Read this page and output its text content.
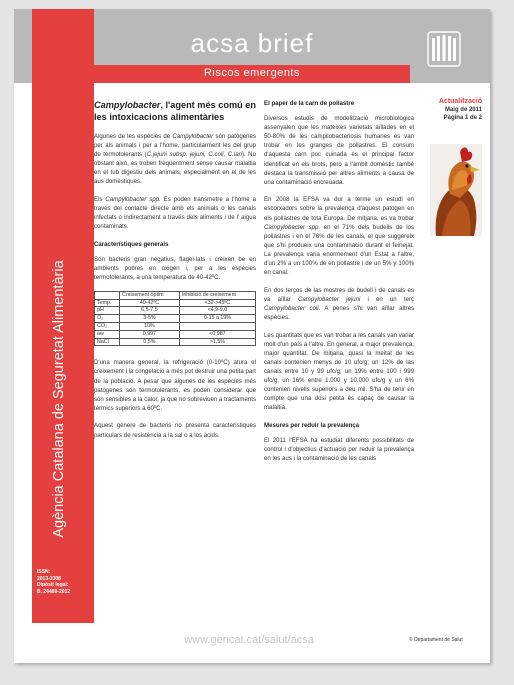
acsa brief
Riscos emergents
Agència Catalana de Seguretat Alimentària
ISSN:
2013-3308
Dipòsit legal:
B. 24489-2012
Campylobacter, l'agent més comú en les intoxicacions alimentàries

Algunes de les espècies de Campylobacter són patògenes per als animals i per a l'home, particularment les del grup de termotolerants (C.jejuni subsp. jejuni, C.coli, C.lari). No obstant això, es troben freqüentment sense causar malaltia en el tub digestiu dels animals, especialment en el de les aus domèstiques.

Els Campylobacter spp. Es poden transmetre a l'home a través del contacte directe amb els animals o les canals infectats o indirectament a través dels aliments i de l' aigua contaminats.

Característiques generals

Són bacteris gran negatius, flagel·lats i creixen be en ambients pobres en oxigen i, per a les espècies termotolerants, a una temperatura de 40-42ºC.

	Creixement òptim	Inhibició de creixement
Temp.	40-42ºC	<32->45ºC
pH	6,5-7,5	<4,9-9,0
O₂	3-5%	0-15 a 19%
CO₂	10%	
aw	0,997	<0,987
NaCl	0,5%	>1,5%

D'una manera general, la refrigeració (0-10ºC) atura el creixement i la congelació a més pot destruir una petita part de la població. A pesar que algunes de les espècies més patògenes són termotolerants, es poden considerar que són sensibles a la calor, ja que no sobreviuen a tractaments tèrmics superiors a 60ºC.

Aquest gènere de bacteris no presenta característiques particulars de resistència a la sal o a los àcids.

El paper de la carn de pollastre

Diversos estudis de modelització microbiològica assenyalen que les mateixes varietats aïllades en el 50-80% de les campilobacteriosis humanes es van trobar en les granges de pollastres. El consum d'aquesta carn poc cuinada és el principal factor identificat en els brots, però a l'àmbit domèstic també destaca la transmissió per altres aliments a causa de una contaminació encreuada.

En 2008 la EFSA va dur a terme un estudi en escorxadors sobre la prevalença d'aquest patogen en els pollastres de tota Europa. De mitjana, es va trobar Campylobacter spp. en el 71% dels budells de los pollastres i en el 76% de les canals, el que suggereix que s'hi produeix una contaminació durant el feinejat. La prevalença varia enormement d'un Estat a l'altre, d'un 2% a un 100% de en pollastre i de un 5% y 100% en canal.

En dos terços de las mostres de budell i de canals es va aïllar Campylobacter jejuni i en un terç Campylobacter coli. A penes s'hi van aïllar altres espècies.

Les quantitats que es van trobar a les canals van variar molt d'un país a l'altre. En general, a major prevalença, major quantitat. De mitjana, quasi la meitat de les canals contenien menys de 10 ufc/g; un 12% de las canals entre 10 y 99 ufc/g; un 19% entre 100 i 999 ufc/g; un 16% entre 1.000 y 10.000 ufc/g y un 6% contenien nivells superiors a deu mil. S'ha de tenir en compte que una dosi petita és capaç de causar la malaltia.

Mesures per reduir la prevalença

El 2011 l'EFSA ha estudiat diferents possibilitats de control i d'objectius d'actuació per reduir la prevalença en les aus i la contaminació de les canals

Actualització
Maig de 2011
Pàgina 1 de 2
www.gencat.cat/salut/acsa	© Departament de Salut
